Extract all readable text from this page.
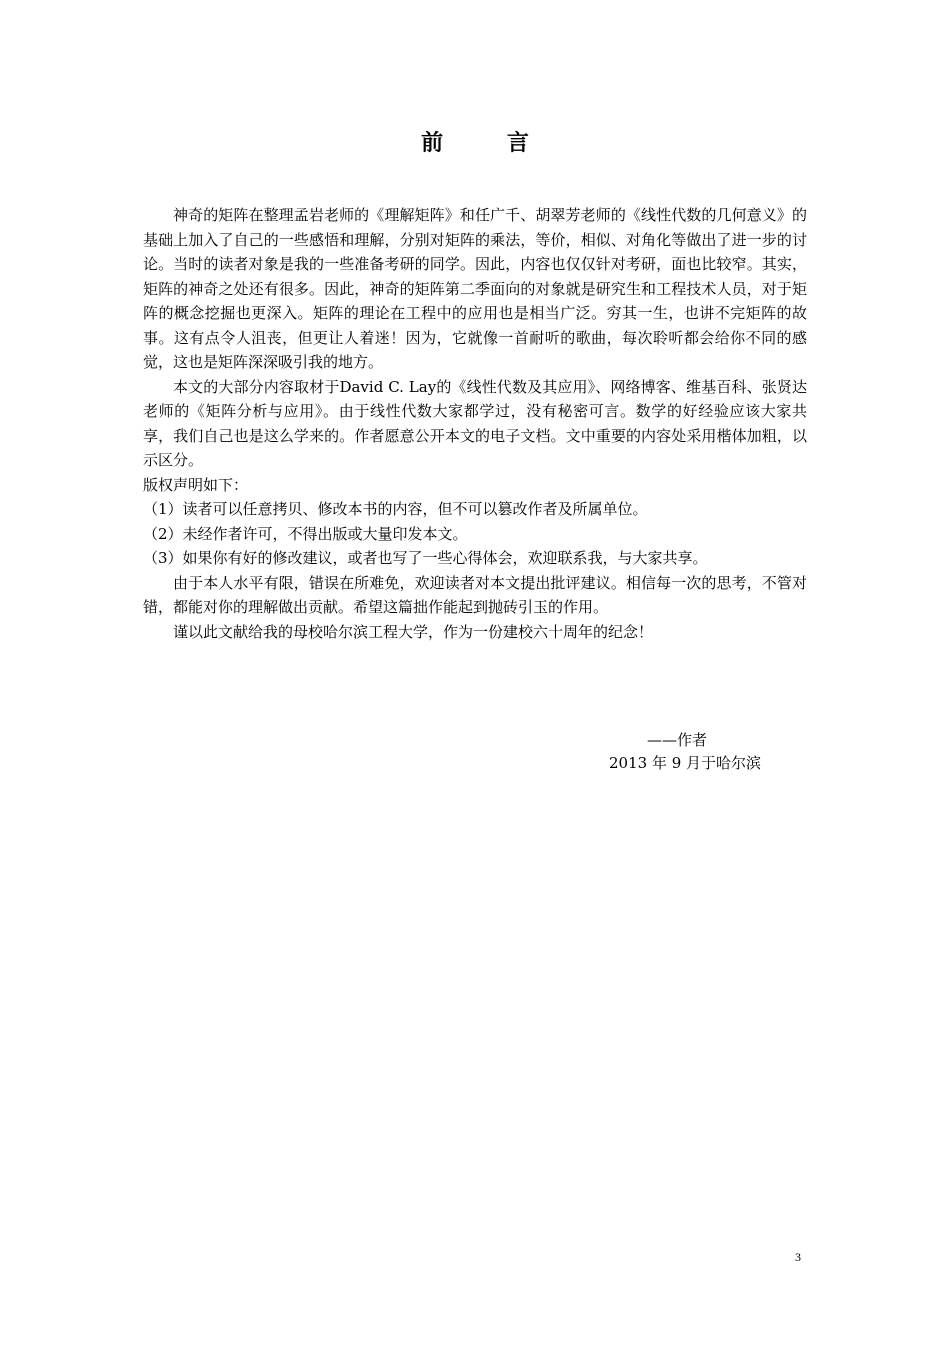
前 言

神奇的矩阵在整理孟岩老师的《理解矩阵》和任广千、胡翠芳老师的《线性代数的几何意义》的基础上加入了自己的一些感悟和理解，分别对矩阵的乘法，等价，相似、对角化等做出了进一步的讨论。当时的读者对象是我的一些准备考研的同学。因此，内容也仅仅针对考研，面也比较窄。其实，矩阵的神奇之处还有很多。因此，神奇的矩阵第二季面向的对象就是研究生和工程技术人员，对于矩阵的概念挖掘也更深入。矩阵的理论在工程中的应用也是相当广泛。穷其一生，也讲不完矩阵的故事。这有点令人沮丧，但更让人着迷！因为，它就像一首耐听的歌曲，每次聆听都会给你不同的感觉，这也是矩阵深深吸引我的地方。

本文的大部分内容取材于David C. Lay的《线性代数及其应用》、网络博客、维基百科、张贤达老师的《矩阵分析与应用》。由于线性代数大家都学过，没有秘密可言。数学的好经验应该大家共享，我们自己也是这么学来的。作者愿意公开本文的电子文档。文中重要的内容处采用楷体加粗，以示区分。

版权声明如下：

（1）读者可以任意拷贝、修改本书的内容，但不可以篡改作者及所属单位。

（2）未经作者许可，不得出版或大量印发本文。

（3）如果你有好的修改建议，或者也写了一些心得体会，欢迎联系我，与大家共享。

由于本人水平有限，错误在所难免，欢迎读者对本文提出批评建议。相信每一次的思考，不管对错，都能对你的理解做出贡献。希望这篇拙作能起到抛砖引玉的作用。

谨以此文献给我的母校哈尔滨工程大学，作为一份建校六十周年的纪念！

——作者
2013 年 9 月于哈尔滨
3
